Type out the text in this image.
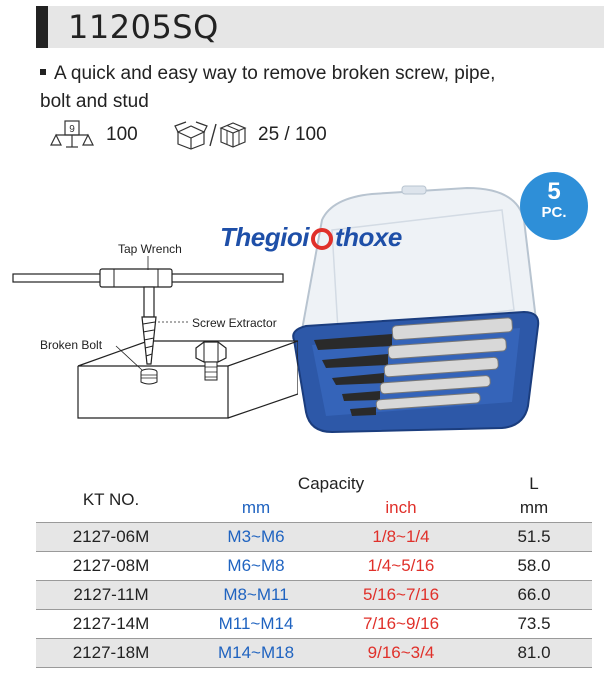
11205SQ
A quick and easy way to remove broken screw, pipe,
bolt and stud
9 100	25 / 100
Thegioi thoxe
5
PC.
Tap Wrench
Screw Extractor
Broken Bolt
KT NO.	Capacity		L
	mm	inch	mm
2127-06M	M3~M6	1/8~1/4	51.5
2127-08M	M6~M8	1/4~5/16	58.0
2127-11M	M8~M11	5/16~7/16	66.0
2127-14M	M11~M14	7/16~9/16	73.5
2127-18M	M14~M18	9/16~3/4	81.0
